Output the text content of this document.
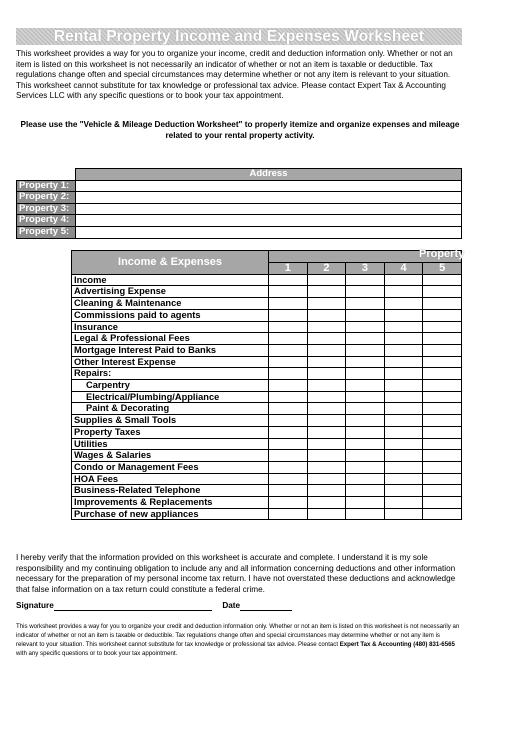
Rental Property Income and Expenses Worksheet
This worksheet provides a way for you to organize your income, credit and deduction information only. Whether or not an item is listed on this worksheet is not necessarily an indicator of whether or not an item is taxable or deductible. Tax regulations change often and special circumstances may determine whether or not any item is relevant to your situation. This worksheet cannot substitute for tax knowledge or professional tax advice. Please contact Expert Tax & Accounting Services LLC with any specific questions or to book your tax appointment.
Please use the "Vehicle & Mileage Deduction Worksheet" to properly itemize and organize expenses and mileage related to your rental property activity.
	Address
Property 1:	
Property 2:	
Property 3:	
Property 4:	
Property 5:	
Income & Expenses	Property				

	1	2	3	4	5
Income					
Advertising Expense					
Cleaning & Maintenance					
Commissions paid to agents					
Insurance					
Legal & Professional Fees					
Mortgage Interest Paid to Banks					
Other Interest Expense					
Repairs:					
Carpentry					
Electrical/Plumbing/Appliance					
Paint & Decorating					
Supplies & Small Tools					
Property Taxes					
Utilities					
Wages & Salaries					
Condo or Management Fees					
HOA Fees					
Business-Related Telephone					
Improvements & Replacements					
Purchase of new appliances					
I hereby verify that the information provided on this worksheet is accurate and complete. I understand it is my sole responsibility and my continuing obligation to include any and all information concerning deductions and other information necessary for the preparation of my personal income tax return. I have not overstated these deductions and acknowledge that false information on a tax return could constitute a federal crime.
Signature	Date
This worksheet provides a way for you to organize your credit and deduction information only. Whether or not an item is listed on this worksheet is not necessarily an indicator of whether or not an item is taxable or deductible. Tax regulations change often and special circumstances may determine whether or not any item is relevant to your situation. This worksheet cannot substitute for tax knowledge or professional tax advice. Please contact Expert Tax & Accounting (480) 831-6565 with any specific questions or to book your tax appointment.
